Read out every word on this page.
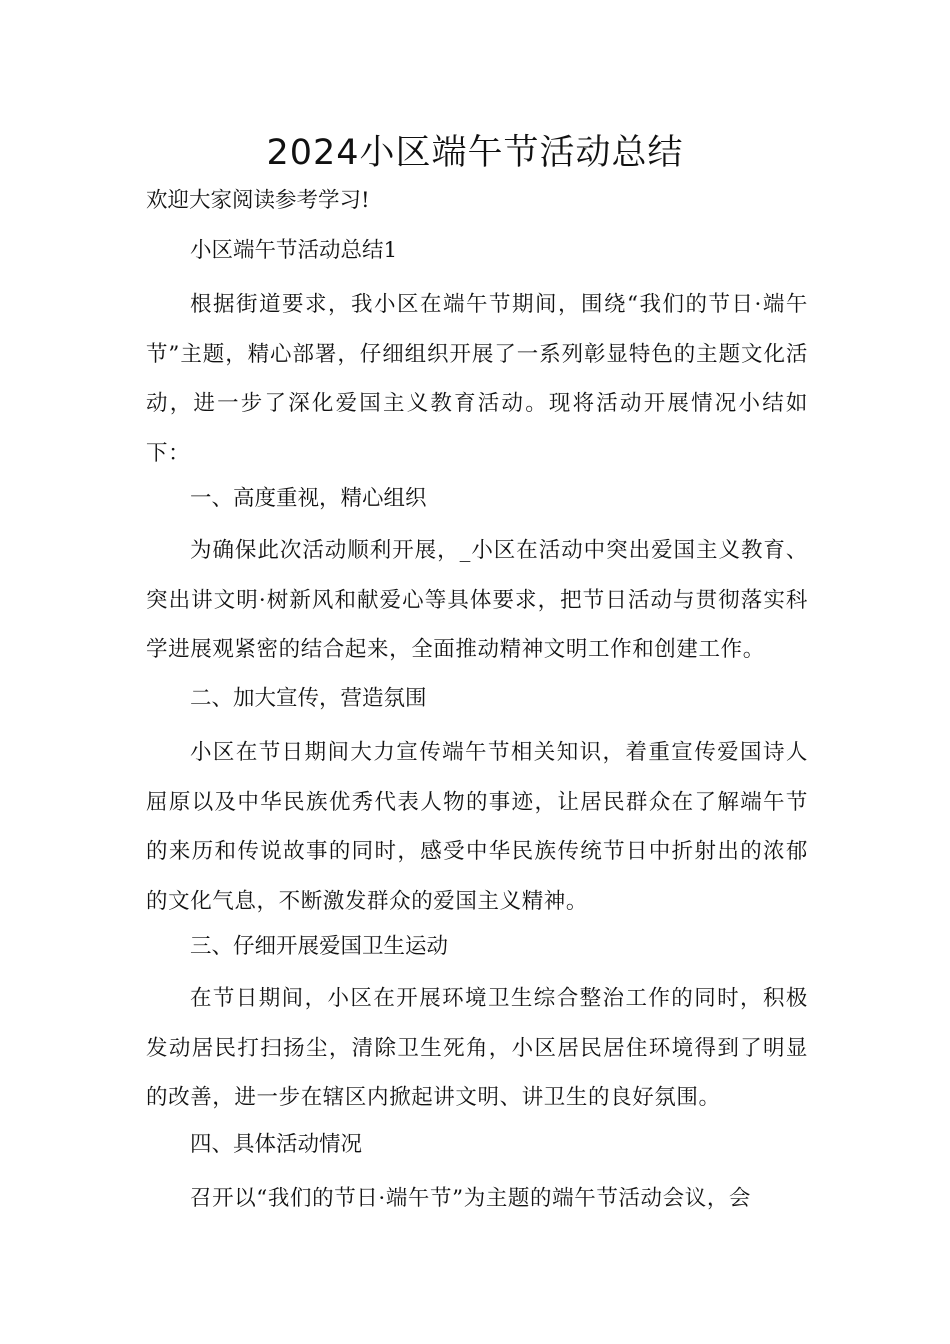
2024小区端午节活动总结
欢迎大家阅读参考学习!
小区端午节活动总结1
根据街道要求，我小区在端午节期间，围绕“我们的节日·端午节”主题，精心部署，仔细组织开展了一系列彰显特色的主题文化活动，进一步了深化爱国主义教育活动。现将活动开展情况小结如下：
一、高度重视，精心组织
为确保此次活动顺利开展，_小区在活动中突出爱国主义教育、突出讲文明·树新风和献爱心等具体要求，把节日活动与贯彻落实科学进展观紧密的结合起来，全面推动精神文明工作和创建工作。
二、加大宣传，营造氛围
小区在节日期间大力宣传端午节相关知识，着重宣传爱国诗人屈原以及中华民族优秀代表人物的事迹，让居民群众在了解端午节的来历和传说故事的同时，感受中华民族传统节日中折射出的浓郁的文化气息，不断激发群众的爱国主义精神。
三、仔细开展爱国卫生运动
在节日期间，小区在开展环境卫生综合整治工作的同时，积极发动居民打扫扬尘，清除卫生死角，小区居民居住环境得到了明显的改善，进一步在辖区内掀起讲文明、讲卫生的良好氛围。
四、具体活动情况
召开以“我们的节日·端午节”为主题的端午节活动会议，会
